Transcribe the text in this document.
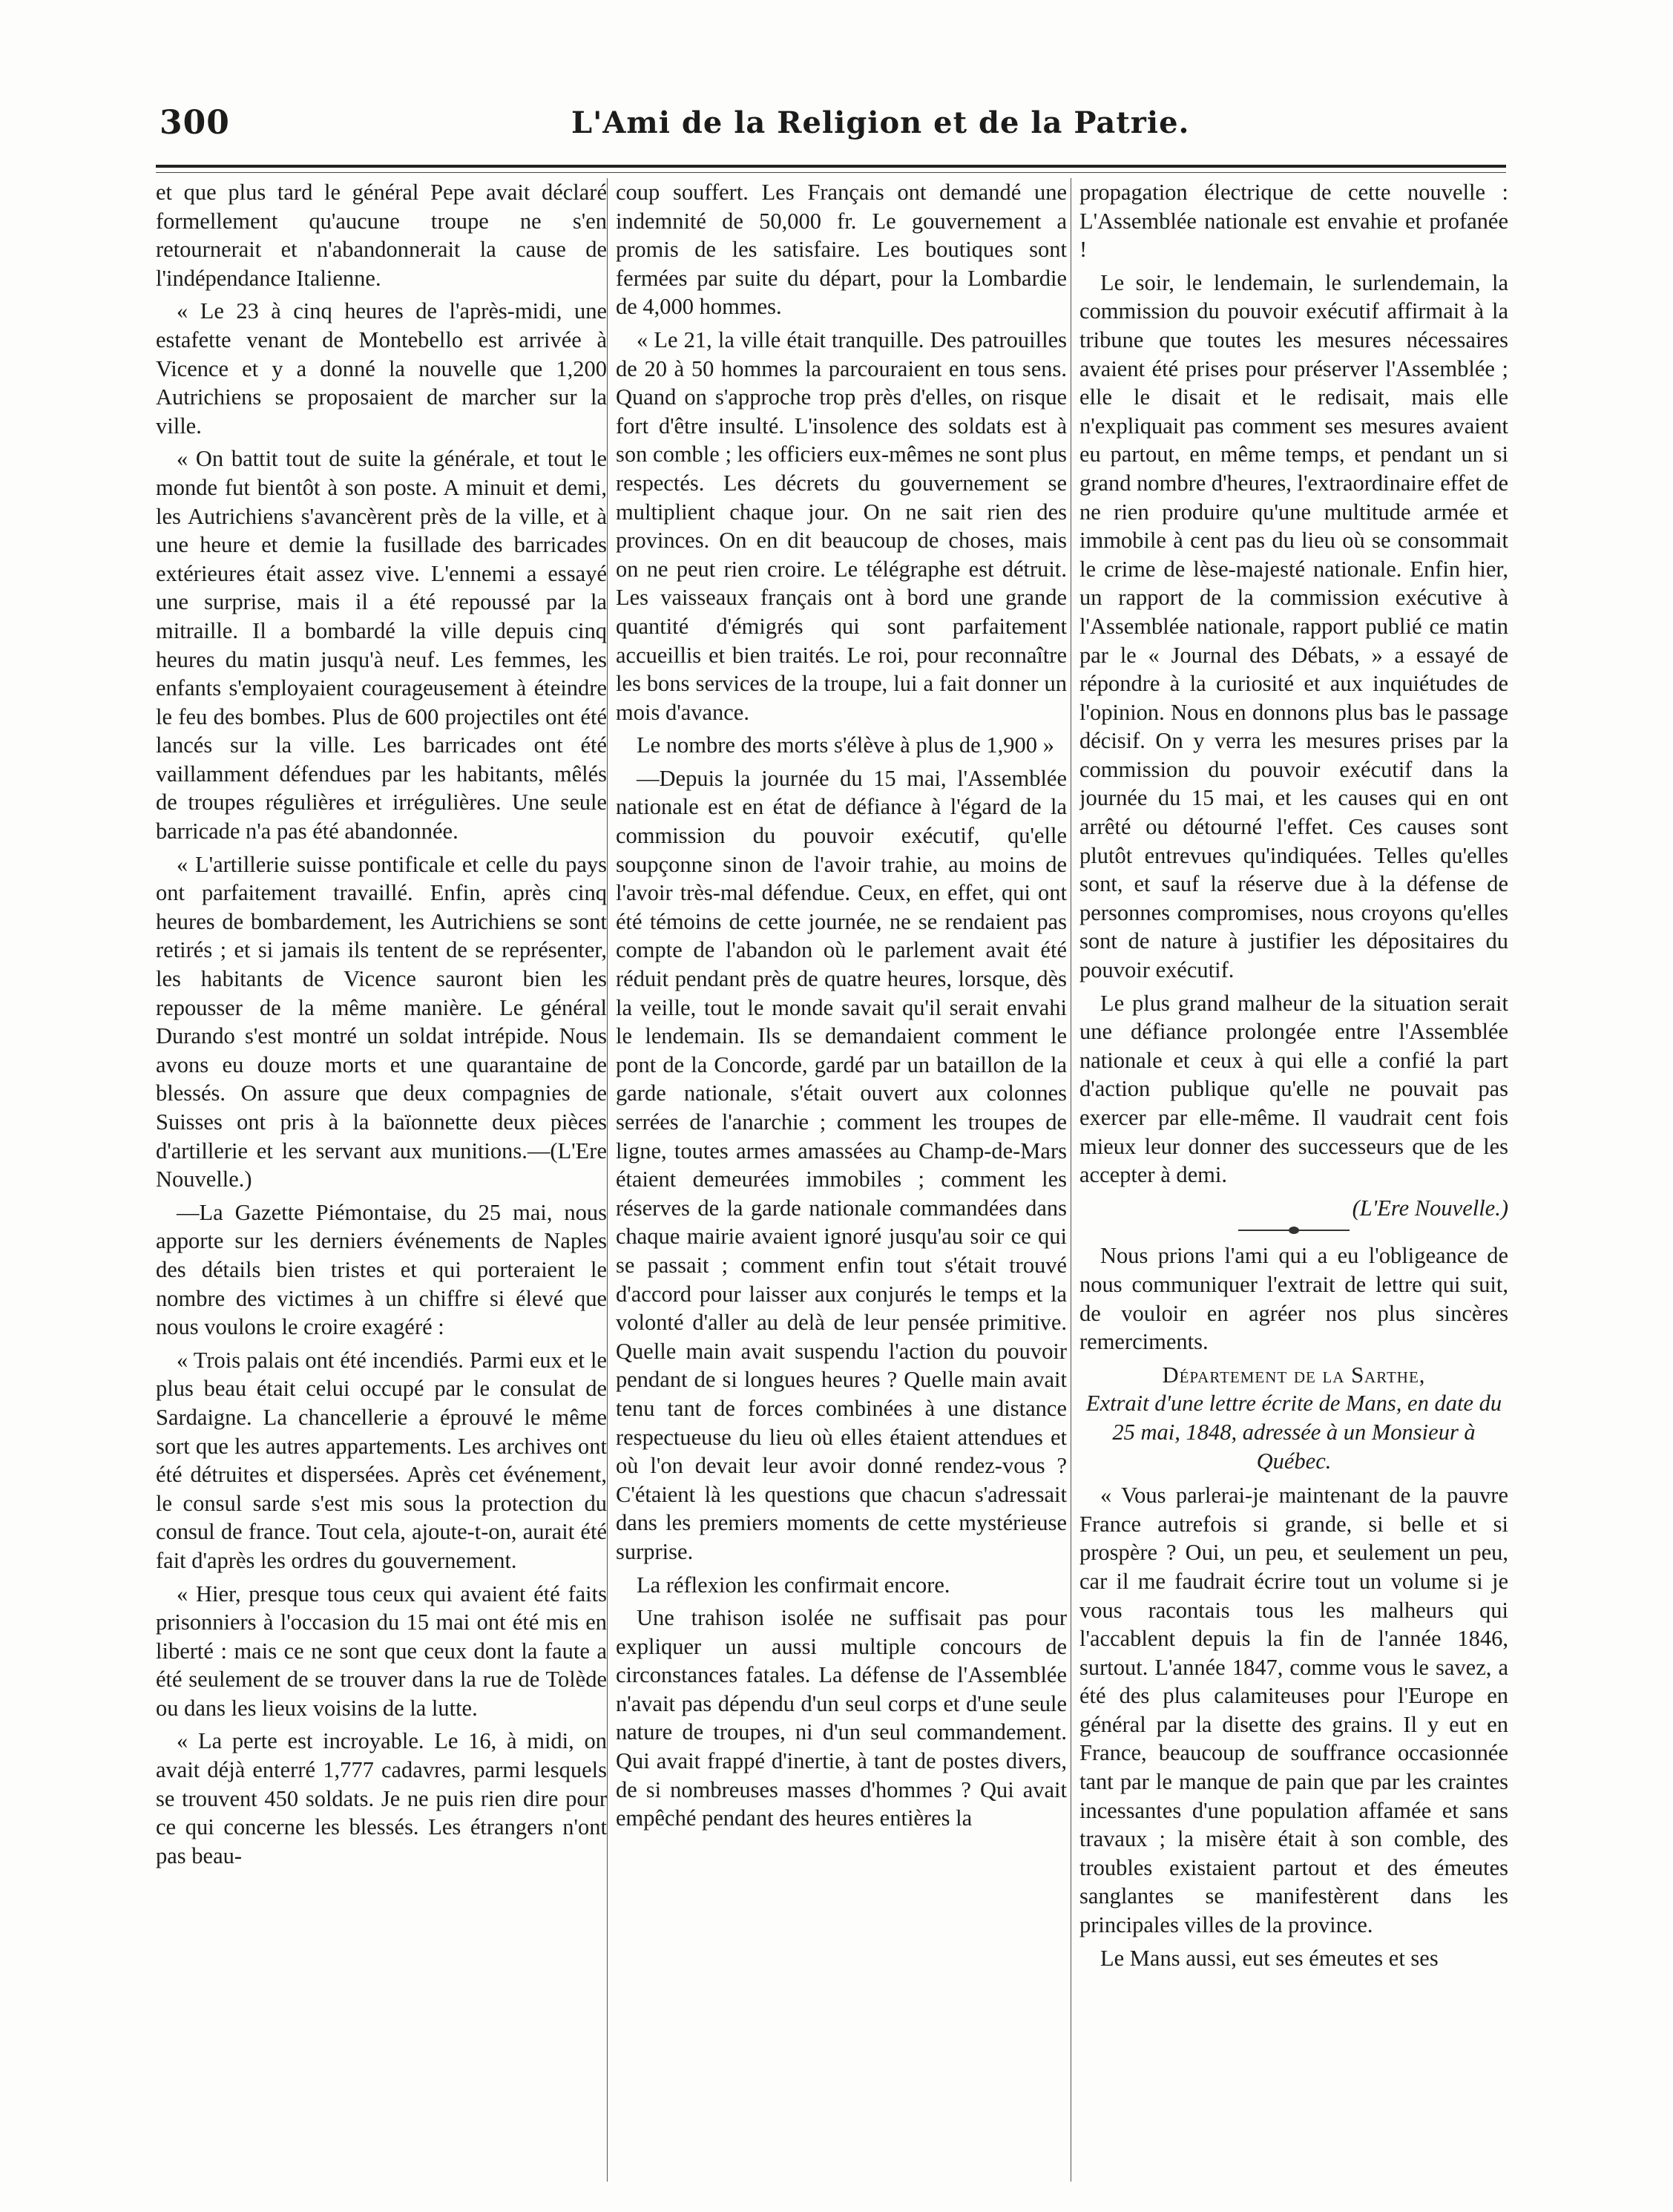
300	L'Ami de la Religion et de la Patrie.

et que plus tard le général Pepe avait déclaré formellement qu'aucune troupe ne s'en retournerait et n'abandonnerait la cause de l'indépendance Italienne.

« Le 23 à cinq heures de l'après-midi, une estafette venant de Montebello est arrivée à Vicence et y a donné la nouvelle que 1,200 Autrichiens se proposaient de marcher sur la ville.

« On battit tout de suite la générale, et tout le monde fut bientôt à son poste. A minuit et demi, les Autrichiens s'avancèrent près de la ville, et à une heure et demie la fusillade des barricades extérieures était assez vive. L'ennemi a essayé une surprise, mais il a été repoussé par la mitraille. Il a bombardé la ville depuis cinq heures du matin jusqu'à neuf. Les femmes, les enfants s'employaient courageusement à éteindre le feu des bombes. Plus de 600 projectiles ont été lancés sur la ville. Les barricades ont été vaillamment défendues par les habitants, mêlés de troupes régulières et irrégulières. Une seule barricade n'a pas été abandonnée.

« L'artillerie suisse pontificale et celle du pays ont parfaitement travaillé. Enfin, après cinq heures de bombardement, les Autrichiens se sont retirés ; et si jamais ils tentent de se représenter, les habitants de Vicence sauront bien les repousser de la même manière. Le général Durando s'est montré un soldat intrépide. Nous avons eu douze morts et une quarantaine de blessés. On assure que deux compagnies de Suisses ont pris à la baïonnette deux pièces d'artillerie et les servant aux munitions.—(L'Ere Nouvelle.)

—La Gazette Piémontaise, du 25 mai, nous apporte sur les derniers événements de Naples des détails bien tristes et qui porteraient le nombre des victimes à un chiffre si élevé que nous voulons le croire exagéré :

« Trois palais ont été incendiés. Parmi eux et le plus beau était celui occupé par le consulat de Sardaigne. La chancellerie a éprouvé le même sort que les autres appartements. Les archives ont été détruites et dispersées. Après cet événement, le consul sarde s'est mis sous la protection du consul de france. Tout cela, ajoute-t-on, aurait été fait d'après les ordres du gouvernement.

« Hier, presque tous ceux qui avaient été faits prisonniers à l'occasion du 15 mai ont été mis en liberté : mais ce ne sont que ceux dont la faute a été seulement de se trouver dans la rue de Tolède ou dans les lieux voisins de la lutte.

« La perte est incroyable. Le 16, à midi, on avait déjà enterré 1,777 cadavres, parmi lesquels se trouvent 450 soldats. Je ne puis rien dire pour ce qui concerne les blessés. Les étrangers n'ont pas beau-

coup souffert. Les Français ont demandé une indemnité de 50,000 fr. Le gouvernement a promis de les satisfaire. Les boutiques sont fermées par suite du départ, pour la Lombardie de 4,000 hommes.

« Le 21, la ville était tranquille. Des patrouilles de 20 à 50 hommes la parcouraient en tous sens. Quand on s'approche trop près d'elles, on risque fort d'être insulté. L'insolence des soldats est à son comble ; les officiers eux-mêmes ne sont plus respectés. Les décrets du gouvernement se multiplient chaque jour. On ne sait rien des provinces. On en dit beaucoup de choses, mais on ne peut rien croire. Le télégraphe est détruit. Les vaisseaux français ont à bord une grande quantité d'émigrés qui sont parfaitement accueillis et bien traités. Le roi, pour reconnaître les bons services de la troupe, lui a fait donner un mois d'avance.

Le nombre des morts s'élève à plus de 1,900 »

—Depuis la journée du 15 mai, l'Assemblée nationale est en état de défiance à l'égard de la commission du pouvoir exécutif, qu'elle soupçonne sinon de l'avoir trahie, au moins de l'avoir très-mal défendue. Ceux, en effet, qui ont été témoins de cette journée, ne se rendaient pas compte de l'abandon où le parlement avait été réduit pendant près de quatre heures, lorsque, dès la veille, tout le monde savait qu'il serait envahi le lendemain. Ils se demandaient comment le pont de la Concorde, gardé par un bataillon de la garde nationale, s'était ouvert aux colonnes serrées de l'anarchie ; comment les troupes de ligne, toutes armes amassées au Champ-de-Mars étaient demeurées immobiles ; comment les réserves de la garde nationale commandées dans chaque mairie avaient ignoré jusqu'au soir ce qui se passait ; comment enfin tout s'était trouvé d'accord pour laisser aux conjurés le temps et la volonté d'aller au delà de leur pensée primitive. Quelle main avait suspendu l'action du pouvoir pendant de si longues heures ? Quelle main avait tenu tant de forces combinées à une distance respectueuse du lieu où elles étaient attendues et où l'on devait leur avoir donné rendez-vous ? C'étaient là les questions que chacun s'adressait dans les premiers moments de cette mystérieuse surprise.

La réflexion les confirmait encore.

Une trahison isolée ne suffisait pas pour expliquer un aussi multiple concours de circonstances fatales. La défense de l'Assemblée n'avait pas dépendu d'un seul corps et d'une seule nature de troupes, ni d'un seul commandement. Qui avait frappé d'inertie, à tant de postes divers, de si nombreuses masses d'hommes ? Qui avait empêché pendant des heures entières la

propagation électrique de cette nouvelle : L'Assemblée nationale est envahie et profanée !

Le soir, le lendemain, le surlendemain, la commission du pouvoir exécutif affirmait à la tribune que toutes les mesures nécessaires avaient été prises pour préserver l'Assemblée ; elle le disait et le redisait, mais elle n'expliquait pas comment ses mesures avaient eu partout, en même temps, et pendant un si grand nombre d'heures, l'extraordinaire effet de ne rien produire qu'une multitude armée et immobile à cent pas du lieu où se consommait le crime de lèse-majesté nationale. Enfin hier, un rapport de la commission exécutive à l'Assemblée nationale, rapport publié ce matin par le « Journal des Débats, » a essayé de répondre à la curiosité et aux inquiétudes de l'opinion. Nous en donnons plus bas le passage décisif. On y verra les mesures prises par la commission du pouvoir exécutif dans la journée du 15 mai, et les causes qui en ont arrêté ou détourné l'effet. Ces causes sont plutôt entrevues qu'indiquées. Telles qu'elles sont, et sauf la réserve due à la défense de personnes compromises, nous croyons qu'elles sont de nature à justifier les dépositaires du pouvoir exécutif.

Le plus grand malheur de la situation serait une défiance prolongée entre l'Assemblée nationale et ceux à qui elle a confié la part d'action publique qu'elle ne pouvait pas exercer par elle-même. Il vaudrait cent fois mieux leur donner des successeurs que de les accepter à demi.

(L'Ere Nouvelle.)

Nous prions l'ami qui a eu l'obligeance de nous communiquer l'extrait de lettre qui suit, de vouloir en agréer nos plus sincères remerciments.

Département de la Sarthe,

Extrait d'une lettre écrite de Mans, en date du 25 mai, 1848, adressée à un Monsieur à Québec.

« Vous parlerai-je maintenant de la pauvre France autrefois si grande, si belle et si prospère ? Oui, un peu, et seulement un peu, car il me faudrait écrire tout un volume si je vous racontais tous les malheurs qui l'accablent depuis la fin de l'année 1846, surtout. L'année 1847, comme vous le savez, a été des plus calamiteuses pour l'Europe en général par la disette des grains. Il y eut en France, beaucoup de souffrance occasionnée tant par le manque de pain que par les craintes incessantes d'une population affamée et sans travaux ; la misère était à son comble, des troubles existaient partout et des émeutes sanglantes se manifestèrent dans les principales villes de la province.

Le Mans aussi, eut ses émeutes et ses
